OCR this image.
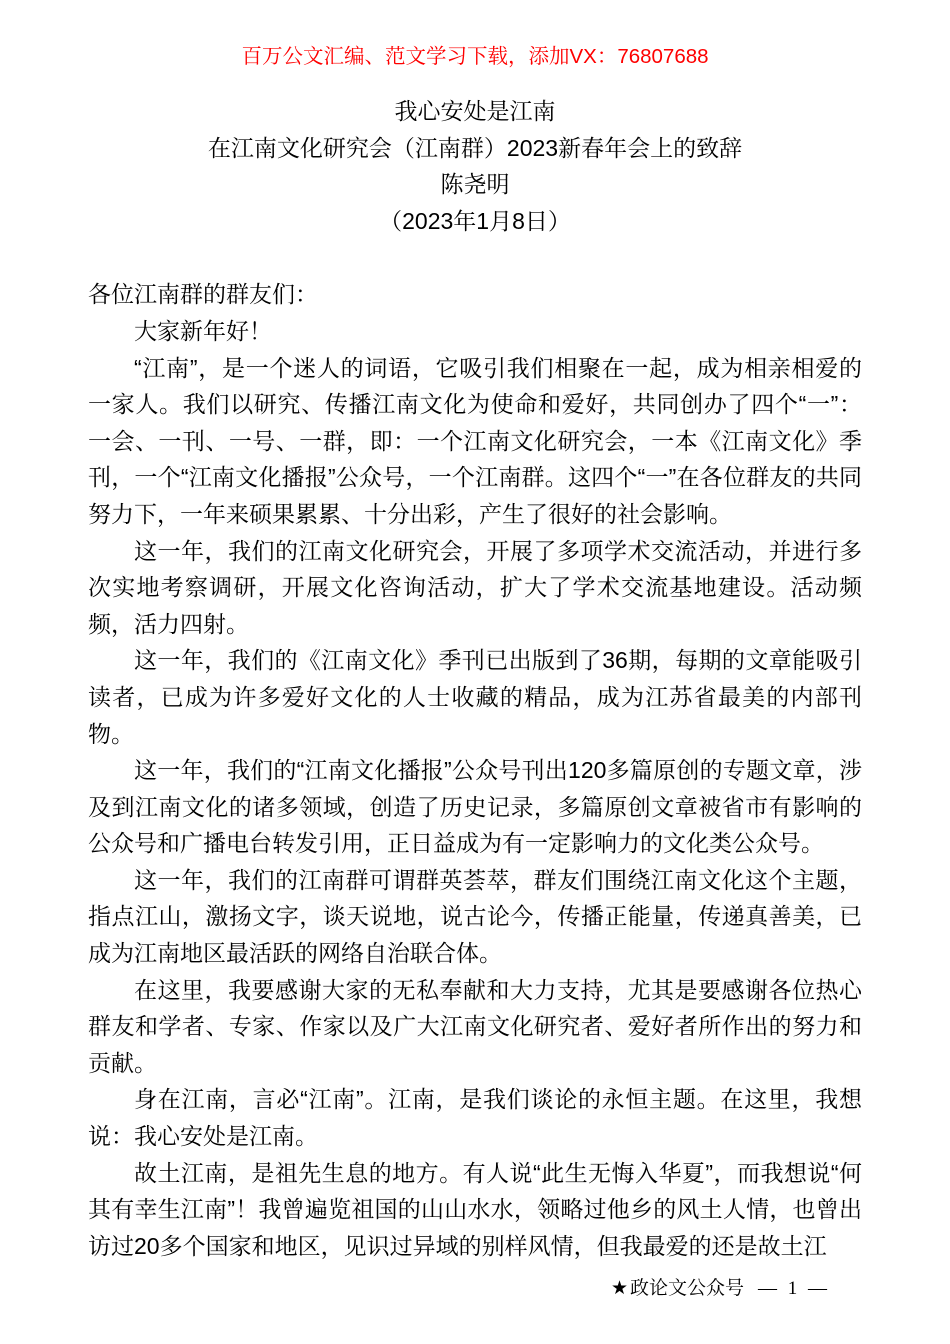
百万公文汇编、范文学习下载，添加VX：76807688
我心安处是江南
在江南文化研究会（江南群）2023新春年会上的致辞
陈尧明
（2023年1月8日）

各位江南群的群友们：

大家新年好！

“江南”，是一个迷人的词语，它吸引我们相聚在一起，成为相亲相爱的一家人。我们以研究、传播江南文化为使命和爱好，共同创办了四个“一”：一会、一刊、一号、一群，即：一个江南文化研究会，一本《江南文化》季刊，一个“江南文化播报”公众号，一个江南群。这四个“一”在各位群友的共同努力下，一年来硕果累累、十分出彩，产生了很好的社会影响。

这一年，我们的江南文化研究会，开展了多项学术交流活动，并进行多次实地考察调研，开展文化咨询活动，扩大了学术交流基地建设。活动频频，活力四射。

这一年，我们的《江南文化》季刊已出版到了36期，每期的文章能吸引读者，已成为许多爱好文化的人士收藏的精品，成为江苏省最美的内部刊物。

这一年，我们的“江南文化播报”公众号刊出120多篇原创的专题文章，涉及到江南文化的诸多领域，创造了历史记录，多篇原创文章被省市有影响的公众号和广播电台转发引用，正日益成为有一定影响力的文化类公众号。

这一年，我们的江南群可谓群英荟萃，群友们围绕江南文化这个主题，指点江山，激扬文字，谈天说地，说古论今，传播正能量，传递真善美，已成为江南地区最活跃的网络自治联合体。

在这里，我要感谢大家的无私奉献和大力支持，尤其是要感谢各位热心群友和学者、专家、作家以及广大江南文化研究者、爱好者所作出的努力和贡献。

身在江南，言必“江南”。江南，是我们谈论的永恒主题。在这里，我想说：我心安处是江南。

故土江南，是祖先生息的地方。有人说“此生无悔入华夏”，而我想说“何其有幸生江南”！我曾遍览祖国的山山水水，领略过他乡的风土人情，也曾出访过20多个国家和地区，见识过异域的别样风情，但我最爱的还是故土江

★ 政论文公众号 — 1 —
